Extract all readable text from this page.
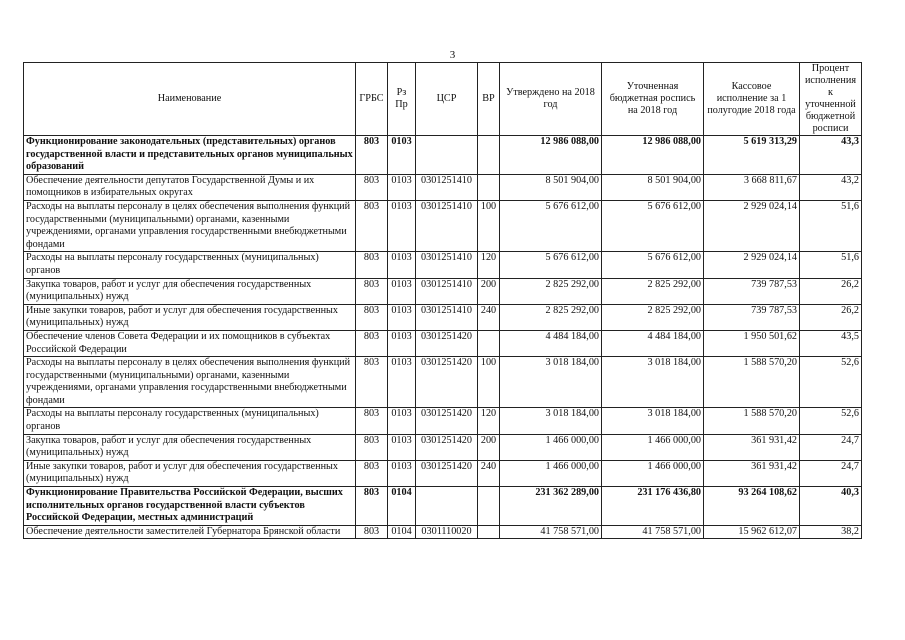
3
Наименование	ГРБС	Рз Пр	ЦСР	ВР	Утверждено на 2018 год	Уточненная бюджетная роспись на 2018 год	Кассовое исполнение за 1 полугодие 2018 года	Процент исполнения к уточненной бюджетной росписи
Функционирование законодательных (представительных) органов государственной власти и представительных органов муниципальных образований	803	0103			12 986 088,00	12 986 088,00	5 619 313,29	43,3
Обеспечение деятельности депутатов Государственной Думы и их помощников в избирательных округах	803	0103	0301251410		8 501 904,00	8 501 904,00	3 668 811,67	43,2
Расходы на выплаты персоналу в целях обеспечения выполнения функций государственными (муниципальными) органами, казенными учреждениями, органами управления государственными внебюджетными фондами	803	0103	0301251410	100	5 676 612,00	5 676 612,00	2 929 024,14	51,6
Расходы на выплаты персоналу государственных (муниципальных) органов	803	0103	0301251410	120	5 676 612,00	5 676 612,00	2 929 024,14	51,6
Закупка товаров, работ и услуг для обеспечения государственных (муниципальных) нужд	803	0103	0301251410	200	2 825 292,00	2 825 292,00	739 787,53	26,2
Иные закупки товаров, работ и услуг для обеспечения государственных (муниципальных) нужд	803	0103	0301251410	240	2 825 292,00	2 825 292,00	739 787,53	26,2
Обеспечение членов Совета Федерации и их помощников в субъектах Российской Федерации	803	0103	0301251420		4 484 184,00	4 484 184,00	1 950 501,62	43,5
Расходы на выплаты персоналу в целях обеспечения выполнения функций государственными (муниципальными) органами, казенными учреждениями, органами управления государственными внебюджетными фондами	803	0103	0301251420	100	3 018 184,00	3 018 184,00	1 588 570,20	52,6
Расходы на выплаты персоналу государственных (муниципальных) органов	803	0103	0301251420	120	3 018 184,00	3 018 184,00	1 588 570,20	52,6
Закупка товаров, работ и услуг для обеспечения государственных (муниципальных) нужд	803	0103	0301251420	200	1 466 000,00	1 466 000,00	361 931,42	24,7
Иные закупки товаров, работ и услуг для обеспечения государственных (муниципальных) нужд	803	0103	0301251420	240	1 466 000,00	1 466 000,00	361 931,42	24,7
Функционирование Правительства Российской Федерации, высших исполнительных органов государственной власти субъектов Российской Федерации, местных администраций	803	0104			231 362 289,00	231 176 436,80	93 264 108,62	40,3
Обеспечение деятельности заместителей Губернатора Брянской области	803	0104	0301110020		41 758 571,00	41 758 571,00	15 962 612,07	38,2
